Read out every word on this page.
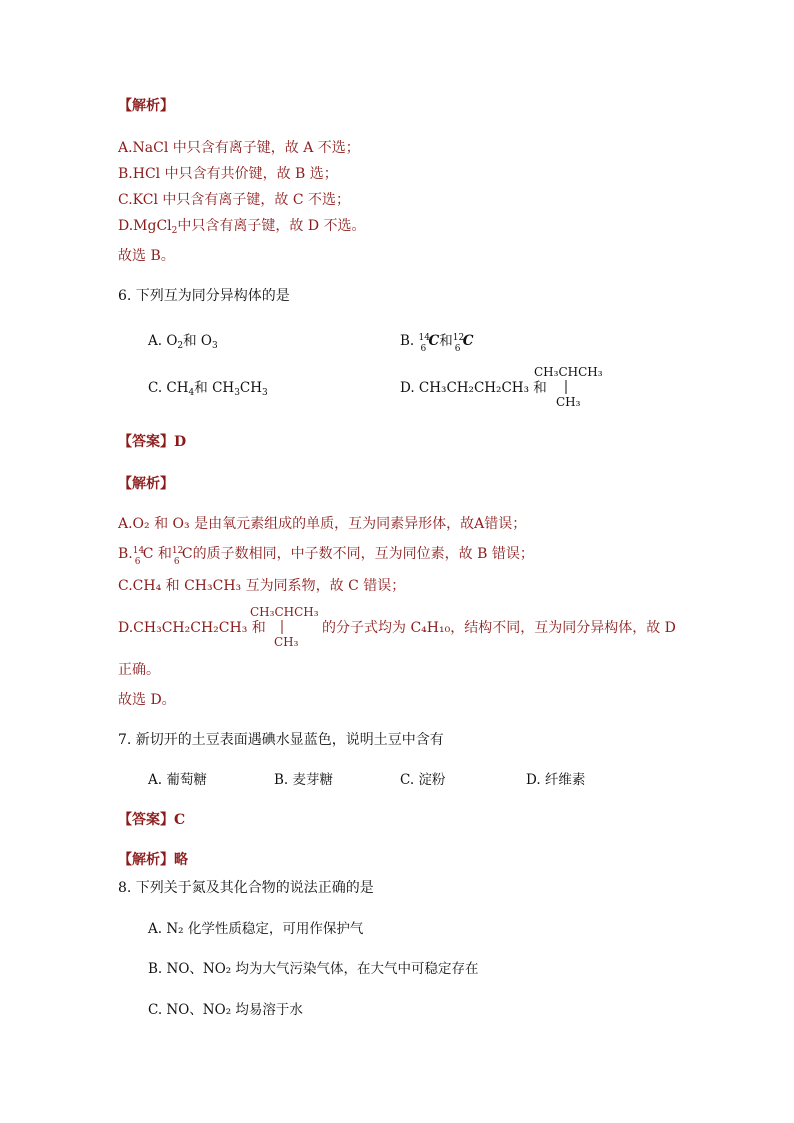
【解析】
A.NaCl 中只含有离子键，故 A 不选；
B.HCl 中只含有共价键，故 B 选；
C.KCl 中只含有离子键，故 C 不选；
D.MgCl$_2$中只含有离子键，故 D 不选。
故选 B。
6. 下列互为同分异构体的是
A. $O_2$和 $O_3$	B. 14
6 C和 12
6 C
C. $CH_4$和 $CH_3CH_3$	D. CH₃CH₂CH₂CH₃ 和
CH₃CHCH₃
CH₃
【答案】D
【解析】
A.O₂ 和 O₃ 是由氧元素组成的单质，互为同素异形体，故A错误；
B. 14
6 C 和 12
6 C的质子数相同，中子数不同，互为同位素，故 B 错误；
C.CH₄ 和 CH₃CH₃ 互为同系物，故 C 错误；
D.CH₃CH₂CH₂CH₃ 和
CH₃CHCH₃
CH₃
的分子式均为 C₄H₁₀，结构不同，互为同分异构体，故 D
正确。
故选 D。
7. 新切开的土豆表面遇碘水显蓝色，说明土豆中含有
A. 葡萄糖	B. 麦芽糖	C. 淀粉	D. 纤维素
【答案】C
【解析】略
8. 下列关于氮及其化合物的说法正确的是
A. N₂ 化学性质稳定，可用作保护气
B. NO、NO₂ 均为大气污染气体，在大气中可稳定存在
C. NO、NO₂ 均易溶于水
